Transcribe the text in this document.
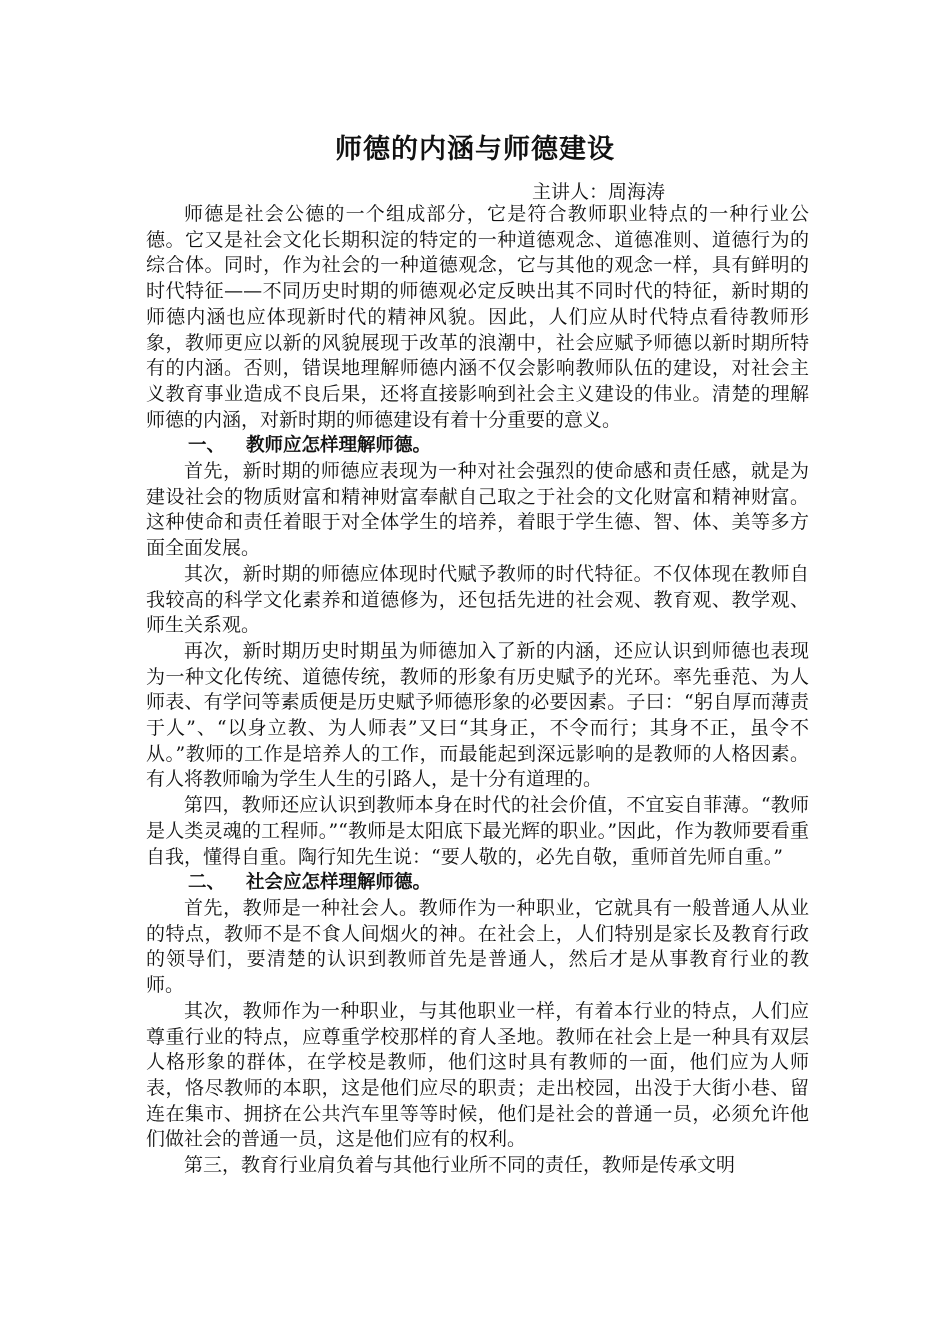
师德的内涵与师德建设
主讲人：周海涛

师德是社会公德的一个组成部分，它是符合教师职业特点的一种行业公德。它又是社会文化长期积淀的特定的一种道德观念、道德准则、道德行为的综合体。同时，作为社会的一种道德观念，它与其他的观念一样，具有鲜明的时代特征——不同历史时期的师德观必定反映出其不同时代的特征，新时期的师德内涵也应体现新时代的精神风貌。因此，人们应从时代特点看待教师形象，教师更应以新的风貌展现于改革的浪潮中，社会应赋予师德以新时期所特有的内涵。否则，错误地理解师德内涵不仅会影响教师队伍的建设，对社会主义教育事业造成不良后果，还将直接影响到社会主义建设的伟业。清楚的理解师德的内涵，对新时期的师德建设有着十分重要的意义。

一、 教师应怎样理解师德。

首先，新时期的师德应表现为一种对社会强烈的使命感和责任感，就是为建设社会的物质财富和精神财富奉献自己取之于社会的文化财富和精神财富。这种使命和责任着眼于对全体学生的培养，着眼于学生德、智、体、美等多方面全面发展。

其次，新时期的师德应体现时代赋予教师的时代特征。不仅体现在教师自我较高的科学文化素养和道德修为，还包括先进的社会观、教育观、教学观、师生关系观。

再次，新时期历史时期虽为师德加入了新的内涵，还应认识到师德也表现为一种文化传统、道德传统，教师的形象有历史赋予的光环。率先垂范、为人师表、有学问等素质便是历史赋予师德形象的必要因素。子曰：“躬自厚而薄责于人”、“以身立教、为人师表”又曰“其身正，不令而行；其身不正，虽令不从。”教师的工作是培养人的工作，而最能起到深远影响的是教师的人格因素。有人将教师喻为学生人生的引路人，是十分有道理的。

第四，教师还应认识到教师本身在时代的社会价值，不宜妄自菲薄。“教师是人类灵魂的工程师。”“教师是太阳底下最光辉的职业。”因此，作为教师要看重自我，懂得自重。陶行知先生说：“要人敬的，必先自敬，重师首先师自重。”

二、 社会应怎样理解师德。

首先，教师是一种社会人。教师作为一种职业，它就具有一般普通人从业的特点，教师不是不食人间烟火的神。在社会上，人们特别是家长及教育行政的领导们，要清楚的认识到教师首先是普通人，然后才是从事教育行业的教师。

其次，教师作为一种职业，与其他职业一样，有着本行业的特点，人们应尊重行业的特点，应尊重学校那样的育人圣地。教师在社会上是一种具有双层人格形象的群体，在学校是教师，他们这时具有教师的一面，他们应为人师表，恪尽教师的本职，这是他们应尽的职责；走出校园，出没于大街小巷、留连在集市、拥挤在公共汽车里等等时候，他们是社会的普通一员，必须允许他们做社会的普通一员，这是他们应有的权利。

第三，教育行业肩负着与其他行业所不同的责任，教师是传承文明
